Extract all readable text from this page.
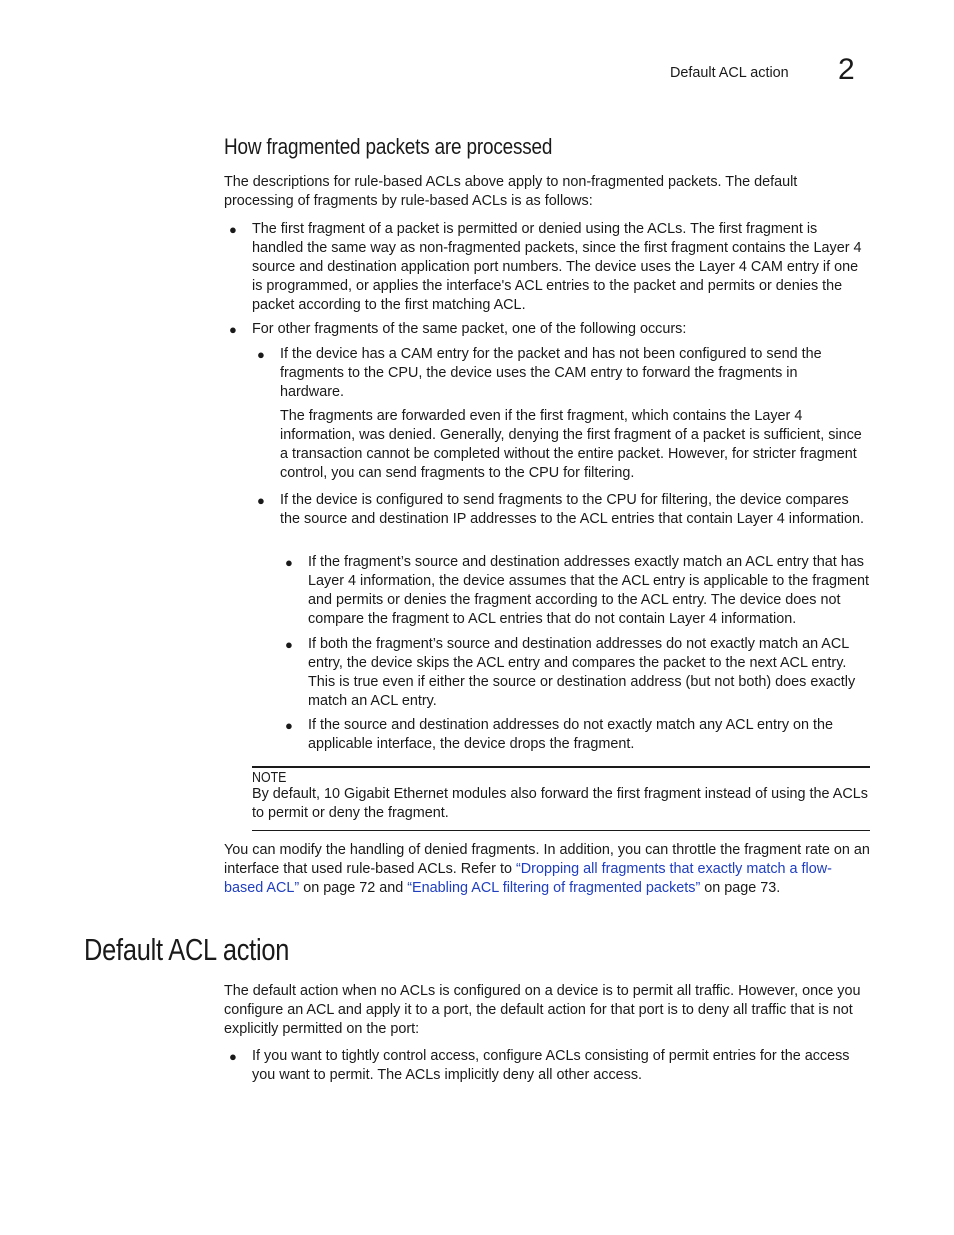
Default ACL action 2
How fragmented packets are processed

The descriptions for rule-based ACLs above apply to non-fragmented packets. The default processing of fragments by rule-based ACLs is as follows:

● The first fragment of a packet is permitted or denied using the ACLs. The first fragment is handled the same way as non-fragmented packets, since the first fragment contains the Layer 4 source and destination application port numbers. The device uses the Layer 4 CAM entry if one is programmed, or applies the interface's ACL entries to the packet and permits or denies the packet according to the first matching ACL.

● For other fragments of the same packet, one of the following occurs:

● If the device has a CAM entry for the packet and has not been configured to send the fragments to the CPU, the device uses the CAM entry to forward the fragments in hardware.

The fragments are forwarded even if the first fragment, which contains the Layer 4 information, was denied. Generally, denying the first fragment of a packet is sufficient, since a transaction cannot be completed without the entire packet. However, for stricter fragment control, you can send fragments to the CPU for filtering.

● If the device is configured to send fragments to the CPU for filtering, the device compares the source and destination IP addresses to the ACL entries that contain Layer 4 information.

● If the fragment’s source and destination addresses exactly match an ACL entry that has Layer 4 information, the device assumes that the ACL entry is applicable to the fragment and permits or denies the fragment according to the ACL entry. The device does not compare the fragment to ACL entries that do not contain Layer 4 information.

● If both the fragment’s source and destination addresses do not exactly match an ACL entry, the device skips the ACL entry and compares the packet to the next ACL entry. This is true even if either the source or destination address (but not both) does exactly match an ACL entry.

● If the source and destination addresses do not exactly match any ACL entry on the applicable interface, the device drops the fragment.

NOTE

By default, 10 Gigabit Ethernet modules also forward the first fragment instead of using the ACLs to permit or deny the fragment.

You can modify the handling of denied fragments. In addition, you can throttle the fragment rate on an interface that used rule-based ACLs. Refer to “Dropping all fragments that exactly match a flow-based ACL” on page 72 and “Enabling ACL filtering of fragmented packets” on page 73.

Default ACL action

The default action when no ACLs is configured on a device is to permit all traffic. However, once you configure an ACL and apply it to a port, the default action for that port is to deny all traffic that is not explicitly permitted on the port:

● If you want to tightly control access, configure ACLs consisting of permit entries for the access you want to permit. The ACLs implicitly deny all other access.
